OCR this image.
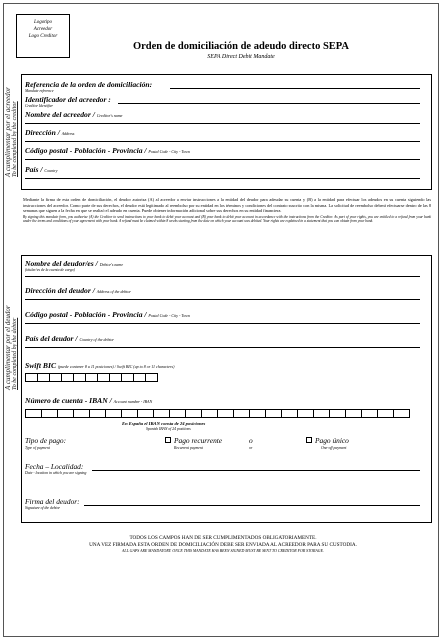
Logotipo
Acreedor
Logo Creditor
Orden de domiciliación de adeudo directo SEPA
SEPA Direct Debit Mandate
A cumplimentar por el acreedor To be completed by the creditor
Referencia de la orden de domiciliación:
Mandate reference
Identificador del acreedor :
Creditor Identifier
Nombre del acreedor / Creditor's name
Dirección / Address
Código postal - Población - Provincia / Postal Code - City - Town
País / Country
Mediante la firma de esta orden de domiciliación, el deudor autoriza (A) al acreedor a enviar instrucciones a la entidad del deudor para adeudar su cuenta y (B) a la entidad para efectuar los adeudos en su cuenta siguiendo las instrucciones del acreedor. Como parte de sus derechos, el deudor está legitimado al reembolso por su entidad en los términos y condiciones del contrato suscrito con la misma. La solicitud de reembolso deberá efectuarse dentro de las 8 semanas que siguen a la fecha en que se realizó el adeudo en cuenta. Puede obtener información adicional sobre sus derechos en su entidad financiera.
By signing this mandate form, you authorise (A) the Creditor to send instructions to your bank to debit your account and (B) your bank to debit your account in accordance with the instructions from the Creditor. As part of your rights, you are entitled to a refund from your bank under the terms and conditions of your agreement with your bank. A refund must be claimed within 8 weeks starting from the date on which your account was debited. Your rights are explained in a statement that you can obtain from your bank.
A cumplimentar por el deudor To be completed by the debtor
Nombre del deudor/es / Debtor's name
(titular/es de la cuenta de cargo)
Dirección del deudor / Address of the debtor
Código postal - Población - Provincia / Postal Code - City - Town
País del deudor / Country of the debtor
Swift BIC (puede contener 8 u 11 posiciones) / Swift BIC (up to 8 or 11 characters)
Número de cuenta - IBAN / Account number - IBAN
En España el IBAN consta de 24 posiciones
Spanish IBAN of 24 positions
Tipo de pago:
Type of payment
Pago recurrente
Recurrent payment
o
or
Pago único
One-off payment
Fecha – Localidad:
Date - location in which you are signing
Firma del deudor:
Signature of the debtor
TODOS LOS CAMPOS HAN DE SER CUMPLIMENTADOS OBLIGATORIAMENTE.
UNA VEZ FIRMADA ESTA ORDEN DE DOMICILIACIÓN DEBE SER ENVIADA AL ACREEDOR PARA SU CUSTODIA.
ALL GAPS ARE MANDATORY. ONCE THIS MANDATE HAS BEEN SIGNED MUST BE SENT TO CREDITOR FOR STORAGE.
